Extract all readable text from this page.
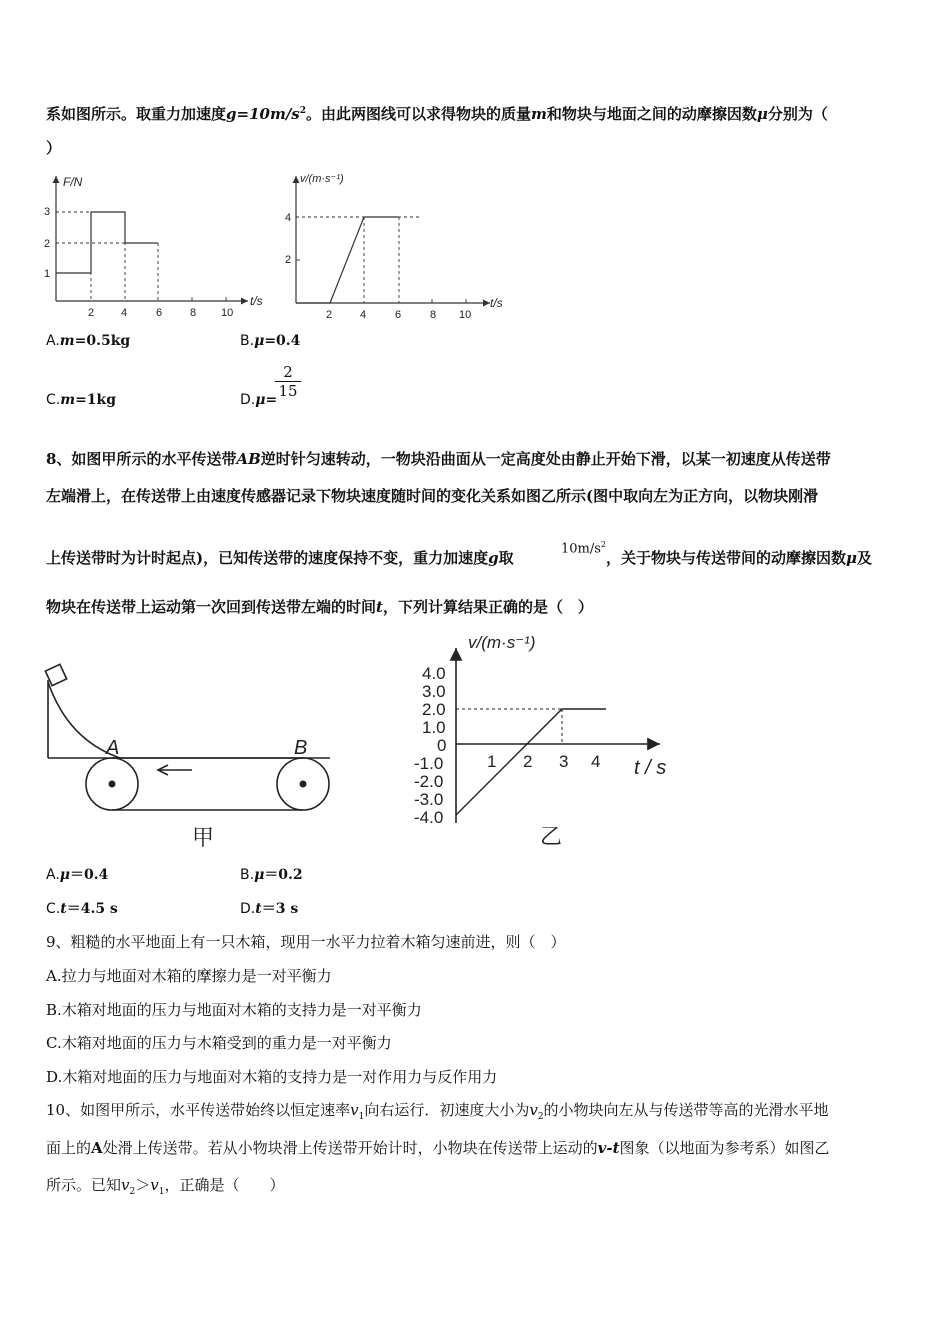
系如图所示。取重力加速度$g=10m/s^2$。由此两图线可以求得物块的质量m和物块与地面之间的动摩擦因数μ分别为（
）
F/N
t/s
1
2
3
2 4	6	8 10
v/(m·s⁻¹)
t/s
2
4
2	4	6	8 10
A.m=0.5kg	B.μ=0.4
C.m=1kg	D.μ=
$\frac{2}{15}$
8、如图甲所示的水平传送带AB逆时针匀速转动，一物块沿曲面从一定高度处由静止开始下滑，以某一初速度从传送带
左端滑上，在传送带上由速度传感器记录下物块速度随时间的变化关系如图乙所示(图中取向左为正方向，以物块刚滑
上传送带时为计时起点)，已知传送带的速度保持不变，重力加速度g取
$10m/s^2$
，关于物块与传送带间的动摩擦因数μ及
物块在传送带上运动第一次回到传送带左端的时间t，下列计算结果正确的是（　）
A	B
甲
v/(m·s⁻¹)
4.0
3.0
2.0
1.0
0
-1.0
-2.0
-3.0
-4.0
1 2 3 4 t / s
乙
A.μ＝0.4	B.μ＝0.2
C.t＝4.5 s	D.t＝3 s
9、粗糙的水平地面上有一只木箱，现用一水平力拉着木箱匀速前进，则（　）
A.拉力与地面对木箱的摩擦力是一对平衡力
B.木箱对地面的压力与地面对木箱的支持力是一对平衡力
C.木箱对地面的压力与木箱受到的重力是一对平衡力
D.木箱对地面的压力与地面对木箱的支持力是一对作用力与反作用力
10、如图甲所示，水平传送带始终以恒定速率$v_1$向右运行．初速度大小为$v_2$的小物块向左从与传送带等高的光滑水平地
面上的A处滑上传送带。若从小物块滑上传送带开始计时，小物块在传送带上运动的v-t图象（以地面为参考系）如图乙
所示。已知$v_2>v_1$，正确是（　　）
